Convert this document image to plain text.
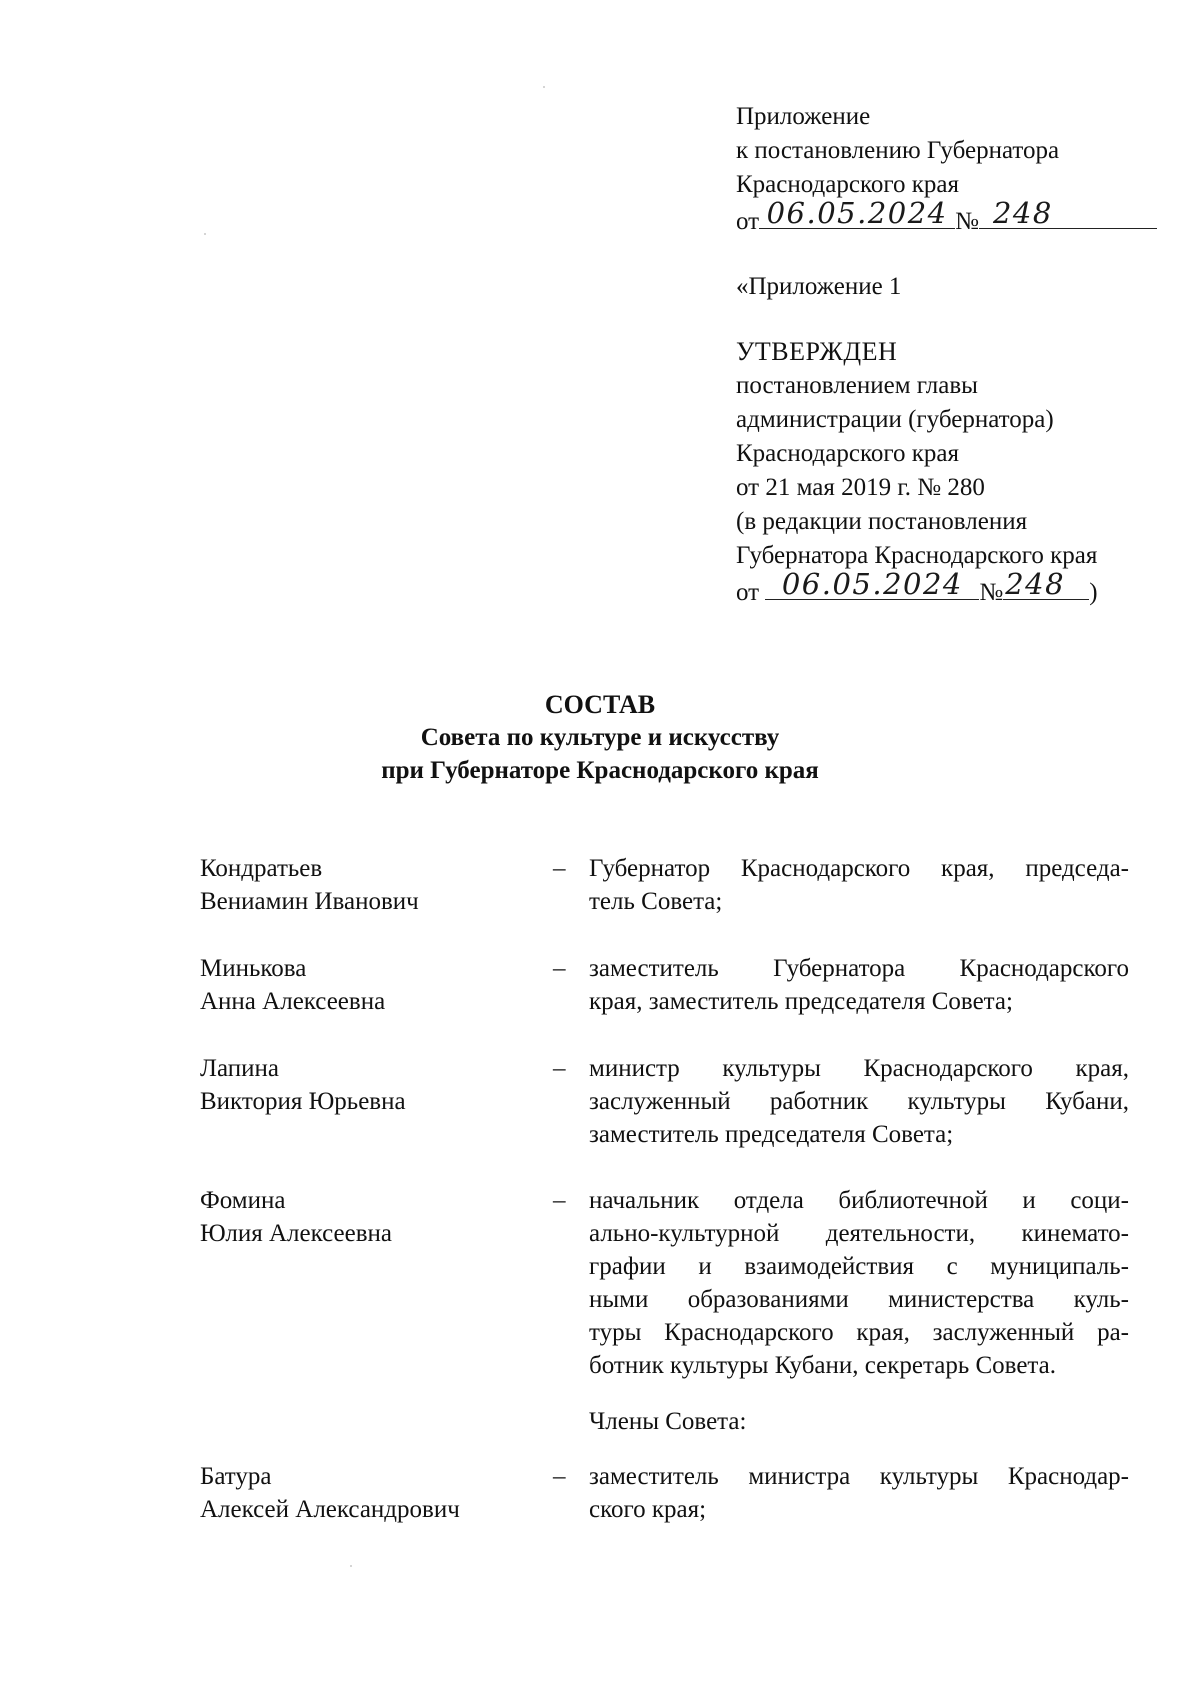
Приложение
к постановлению Губернатора
Краснодарского края
от 06.05.2024 № 248
«Приложение 1
УТВЕРЖДЕН
постановлением главы
администрации (губернатора)
Краснодарского края
от 21 мая 2019 г. № 280
(в редакции постановления
Губернатора Краснодарского края
от 06.05.2024 № 248 )
СОСТАВ
Совета по культуре и искусству
при Губернаторе Краснодарского края
Кондратьев
Вениамин Иванович
– Губернатор Краснодарского края, председа-
тель Совета;
Минькова
Анна Алексеевна
– заместитель Губернатора Краснодарского
края, заместитель председателя Совета;
Лапина
Виктория Юрьевна
– министр культуры Краснодарского края,
заслуженный работник культуры Кубани,
заместитель председателя Совета;
Фомина
Юлия Алексеевна
– начальник отдела библиотечной и соци-
ально-культурной деятельности, кинемато-
графии и взаимодействия с муниципаль-
ными образованиями министерства куль-
туры Краснодарского края, заслуженный ра-
ботник культуры Кубани, секретарь Совета.
Члены Совета:
Батура
Алексей Александрович
– заместитель министра культуры Краснодар-
ского края;
